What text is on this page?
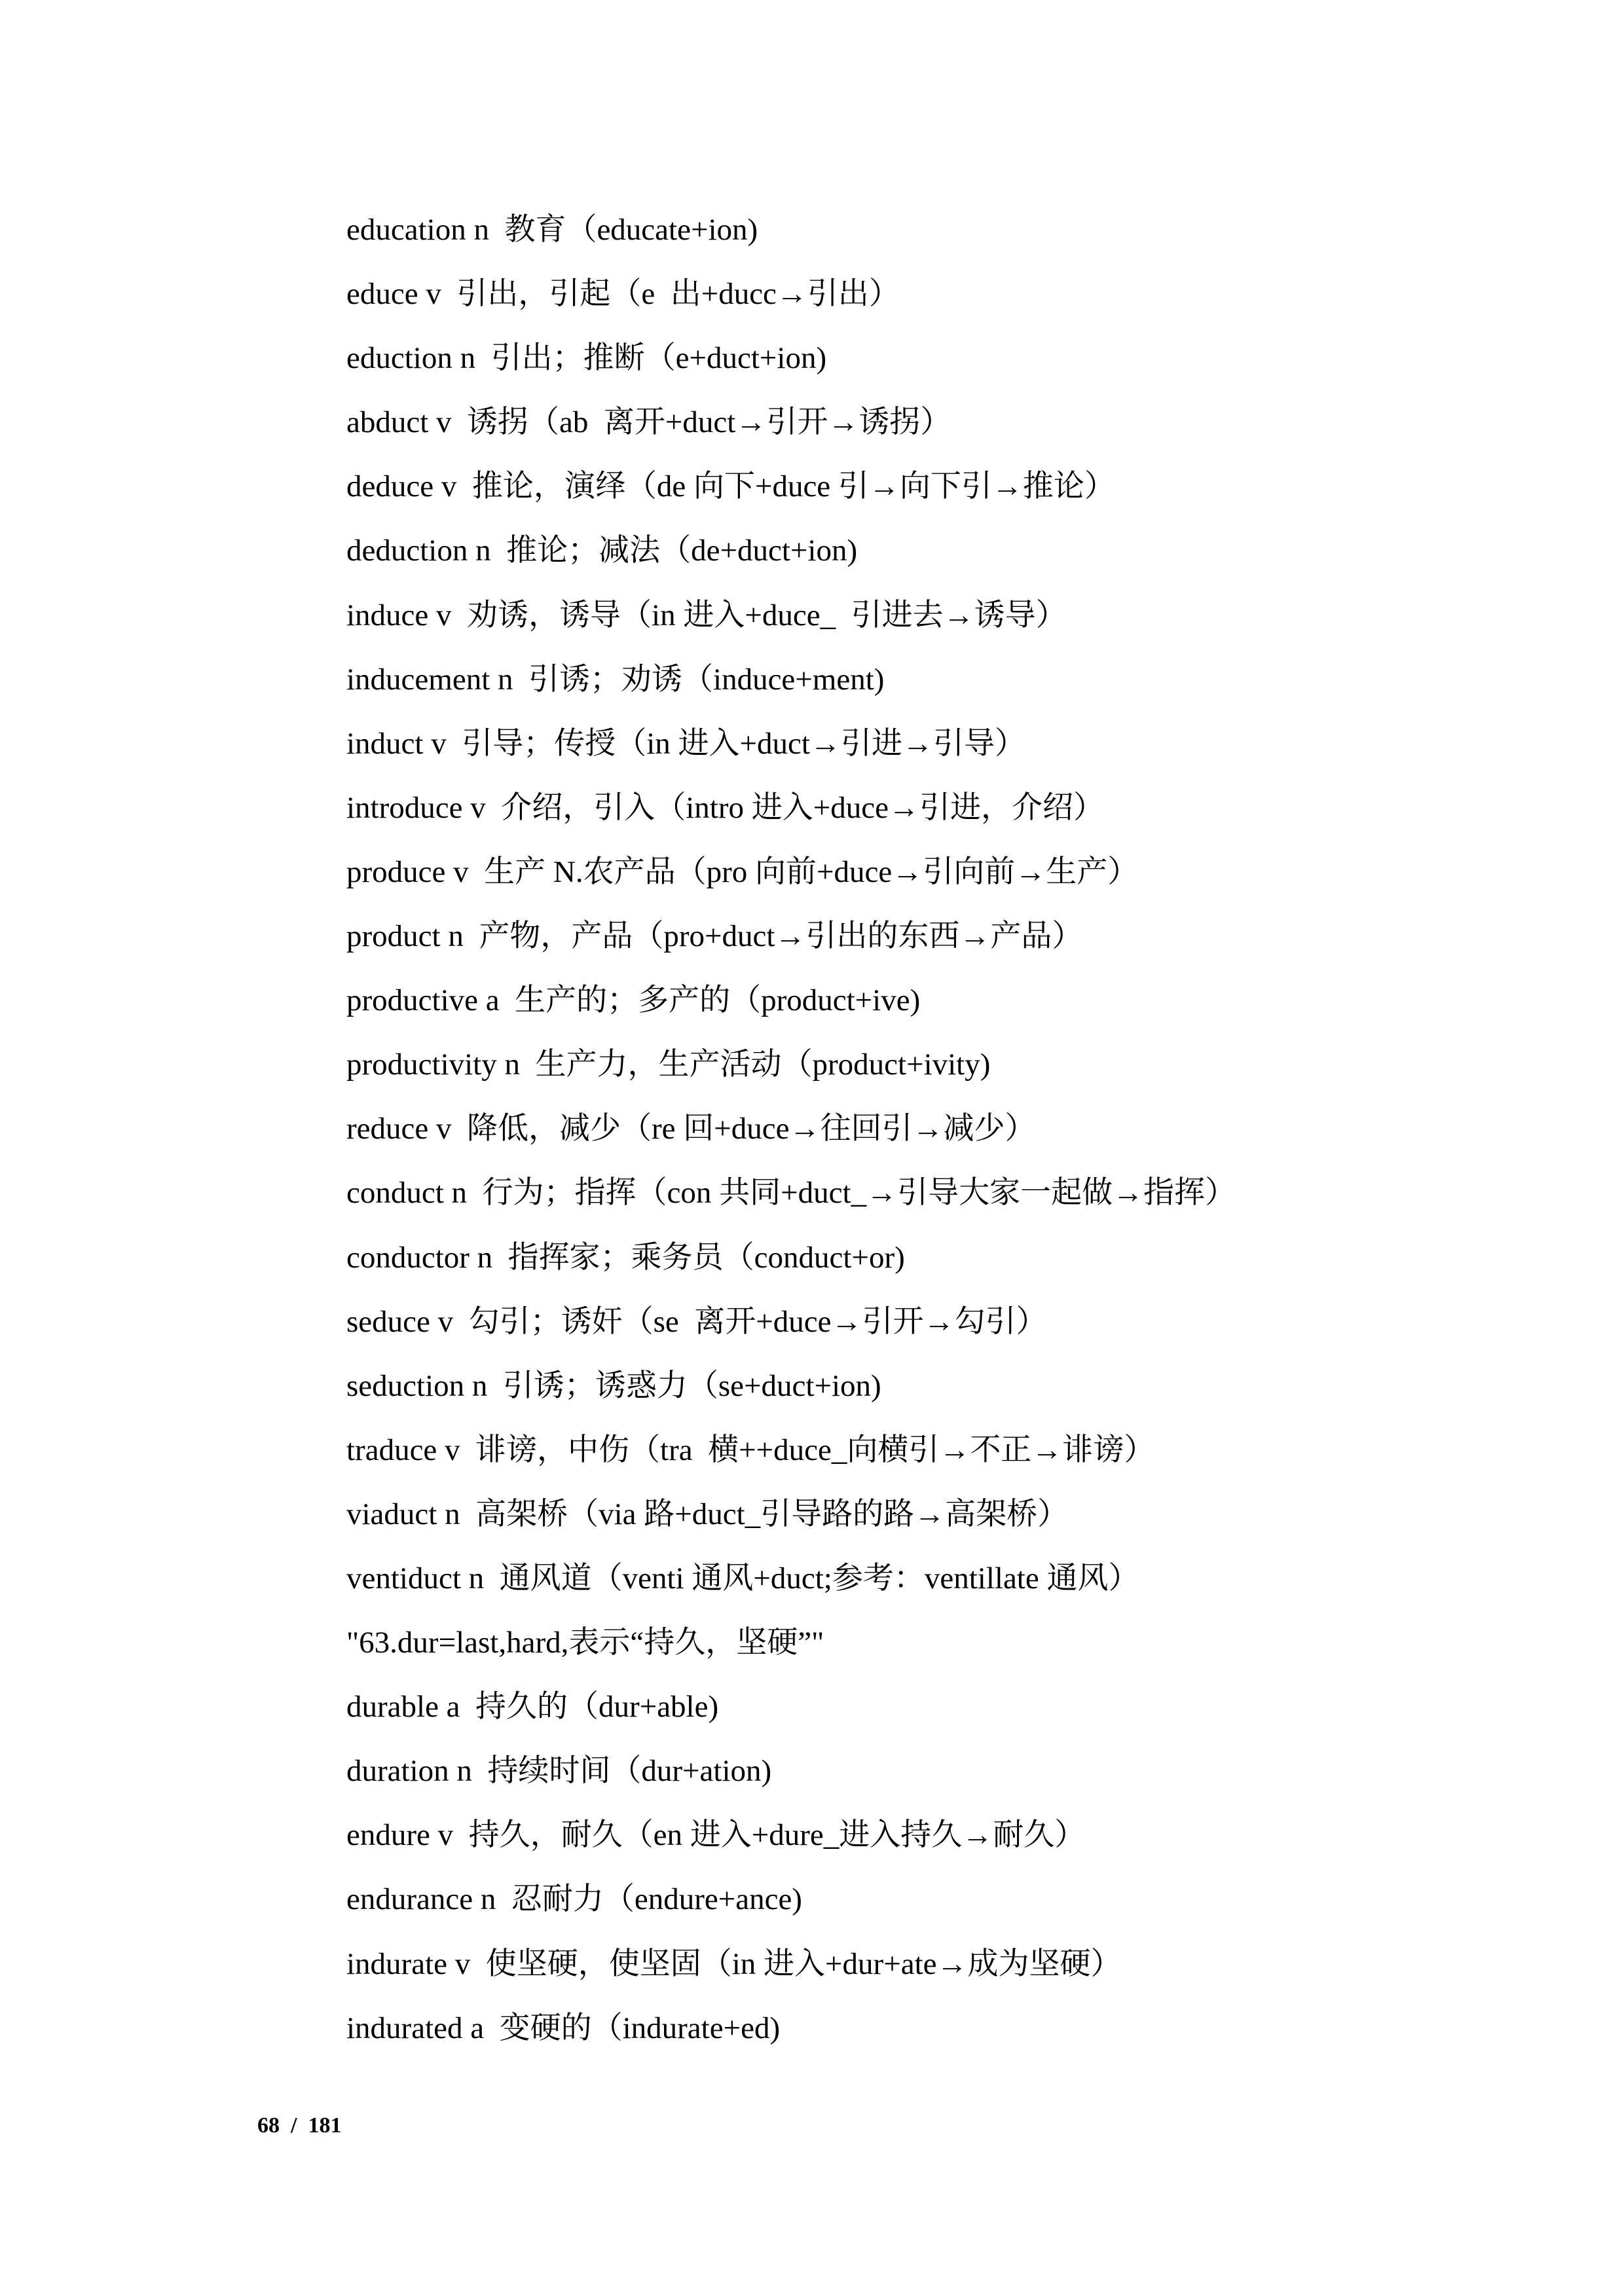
education n  教育（educate+ion)
educe v  引出，引起（e  出+ducc→引出）
eduction n  引出；推断（e+duct+ion)
abduct v  诱拐（ab  离开+duct→引开→诱拐）
deduce v  推论，演绎（de 向下+duce 引→向下引→推论）
deduction n  推论；减法（de+duct+ion)
induce v  劝诱，诱导（in 进入+duce_  引进去→诱导）
inducement n  引诱；劝诱（induce+ment)
induct v  引导；传授（in 进入+duct→引进→引导）
introduce v  介绍，引入（intro 进入+duce→引进，介绍）
produce v  生产 N.农产品（pro 向前+duce→引向前→生产）
product n  产物，产品（pro+duct→引出的东西→产品）
productive a  生产的；多产的（product+ive)
productivity n  生产力，生产活动（product+ivity)
reduce v  降低，减少（re 回+duce→往回引→减少）
conduct n  行为；指挥（con 共同+duct_→引导大家一起做→指挥）
conductor n  指挥家；乘务员（conduct+or)
seduce v  勾引；诱奸（se  离开+duce→引开→勾引）
seduction n  引诱；诱惑力（se+duct+ion)
traduce v  诽谤，中伤（tra  横++duce_向横引→不正→诽谤）
viaduct n  高架桥（via 路+duct_引导路的路→高架桥）
ventiduct n  通风道（venti 通风+duct;参考：ventillate 通风）
"63.dur=last,hard,表示“持久，坚硬”"
durable a  持久的（dur+able)
duration n  持续时间（dur+ation)
endure v  持久，耐久（en 进入+dure_进入持久→耐久）
endurance n  忍耐力（endure+ance)
indurate v  使坚硬，使坚固（in 进入+dur+ate→成为坚硬）
indurated a  变硬的（indurate+ed)
68  /  181
